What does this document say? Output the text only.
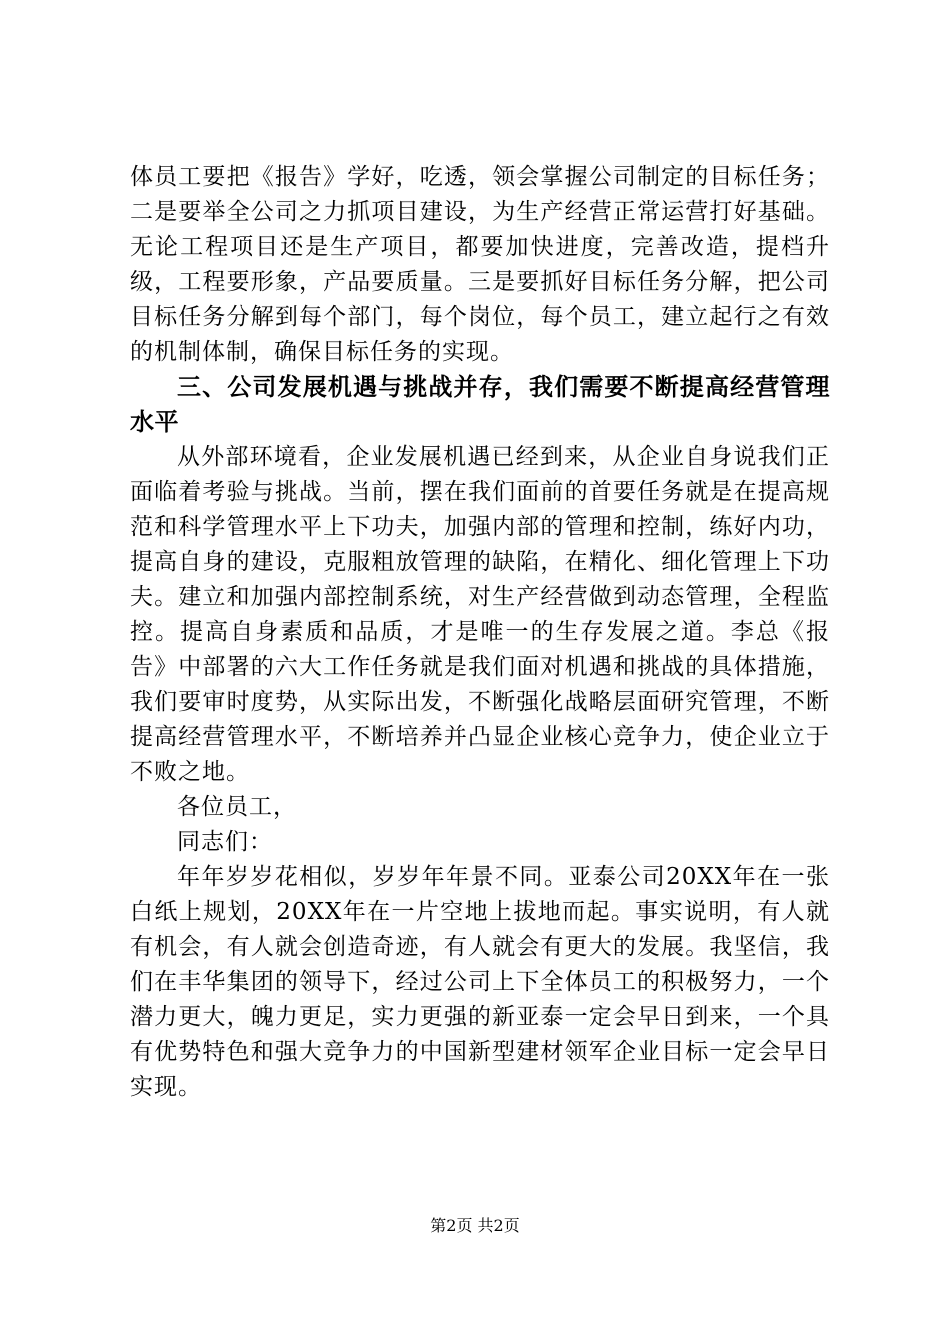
体员工要把《报告》学好，吃透，领会掌握公司制定的目标任务；二是要举全公司之力抓项目建设，为生产经营正常运营打好基础。无论工程项目还是生产项目，都要加快进度，完善改造，提档升级，工程要形象，产品要质量。三是要抓好目标任务分解，把公司目标任务分解到每个部门，每个岗位，每个员工，建立起行之有效的机制体制，确保目标任务的实现。

三、公司发展机遇与挑战并存，我们需要不断提高经营管理水平

从外部环境看，企业发展机遇已经到来，从企业自身说我们正面临着考验与挑战。当前，摆在我们面前的首要任务就是在提高规范和科学管理水平上下功夫，加强内部的管理和控制，练好内功，提高自身的建设，克服粗放管理的缺陷，在精化、细化管理上下功夫。建立和加强内部控制系统，对生产经营做到动态管理，全程监控。提高自身素质和品质，才是唯一的生存发展之道。李总《报告》中部署的六大工作任务就是我们面对机遇和挑战的具体措施，我们要审时度势，从实际出发，不断强化战略层面研究管理，不断提高经营管理水平，不断培养并凸显企业核心竞争力，使企业立于不败之地。

各位员工，

同志们：

年年岁岁花相似，岁岁年年景不同。亚泰公司20XX年在一张白纸上规划，20XX年在一片空地上拔地而起。事实说明，有人就有机会，有人就会创造奇迹，有人就会有更大的发展。我坚信，我们在丰华集团的领导下，经过公司上下全体员工的积极努力，一个潜力更大，魄力更足，实力更强的新亚泰一定会早日到来，一个具有优势特色和强大竞争力的中国新型建材领军企业目标一定会早日实现。

第2页 共2页
